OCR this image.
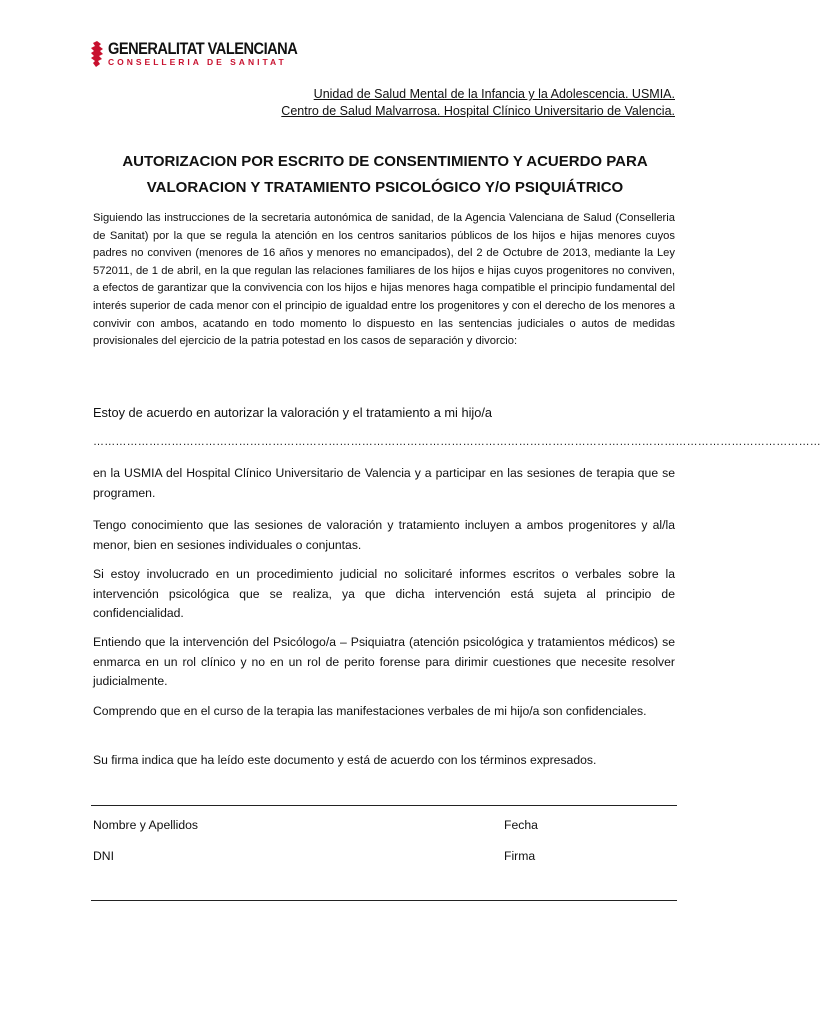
GENERALITAT VALENCIANA
CONSELLERIA DE SANITAT
Unidad de Salud Mental de la Infancia y la Adolescencia. USMIA.
Centro de Salud Malvarrosa. Hospital Clínico Universitario de Valencia.
AUTORIZACION POR ESCRITO DE CONSENTIMIENTO Y ACUERDO PARA
VALORACION Y TRATAMIENTO PSICOLÓGICO Y/O PSIQUIÁTRICO
Siguiendo las instrucciones de la secretaria autonómica de sanidad, de la Agencia Valenciana de Salud (Conselleria de Sanitat) por la que se regula la atención en los centros sanitarios públicos de los hijos e hijas menores cuyos padres no conviven (menores de 16 años y menores no emancipados), del 2 de Octubre de 2013, mediante la Ley 572011, de 1 de abril, en la que regulan las relaciones familiares de los hijos e hijas cuyos progenitores no conviven, a efectos de garantizar que la convivencia con los hijos e hijas menores haga compatible el principio fundamental del interés superior de cada menor con el principio de igualdad entre los progenitores y con el derecho de los menores a convivir con ambos, acatando en todo momento lo dispuesto en las sentencias judiciales o autos de medidas provisionales del ejercicio de la patria potestad en los casos de separación y divorcio:
Estoy de acuerdo en autorizar la valoración y el tratamiento a mi hijo/a
……………………………………………………………………………………………………………………………………………………………………………
en la USMIA del Hospital Clínico Universitario de Valencia y a participar en las sesiones de terapia que se programen.
Tengo conocimiento que las sesiones de valoración y tratamiento incluyen a ambos progenitores y al/la menor, bien en sesiones individuales o conjuntas.
Si estoy involucrado en un procedimiento judicial no solicitaré informes escritos o verbales sobre la intervención psicológica que se realiza, ya que dicha intervención está sujeta al principio de confidencialidad.
Entiendo que la intervención del Psicólogo/a – Psiquiatra (atención psicológica y tratamientos médicos) se enmarca en un rol clínico y no en un rol de perito forense para dirimir cuestiones que necesite resolver judicialmente.
Comprendo que en el curso de la terapia las manifestaciones verbales de mi hijo/a son confidenciales.
Su firma indica que ha leído este documento y está de acuerdo con los términos expresados.
Nombre y Apellidos	Fecha
DNI	Firma
